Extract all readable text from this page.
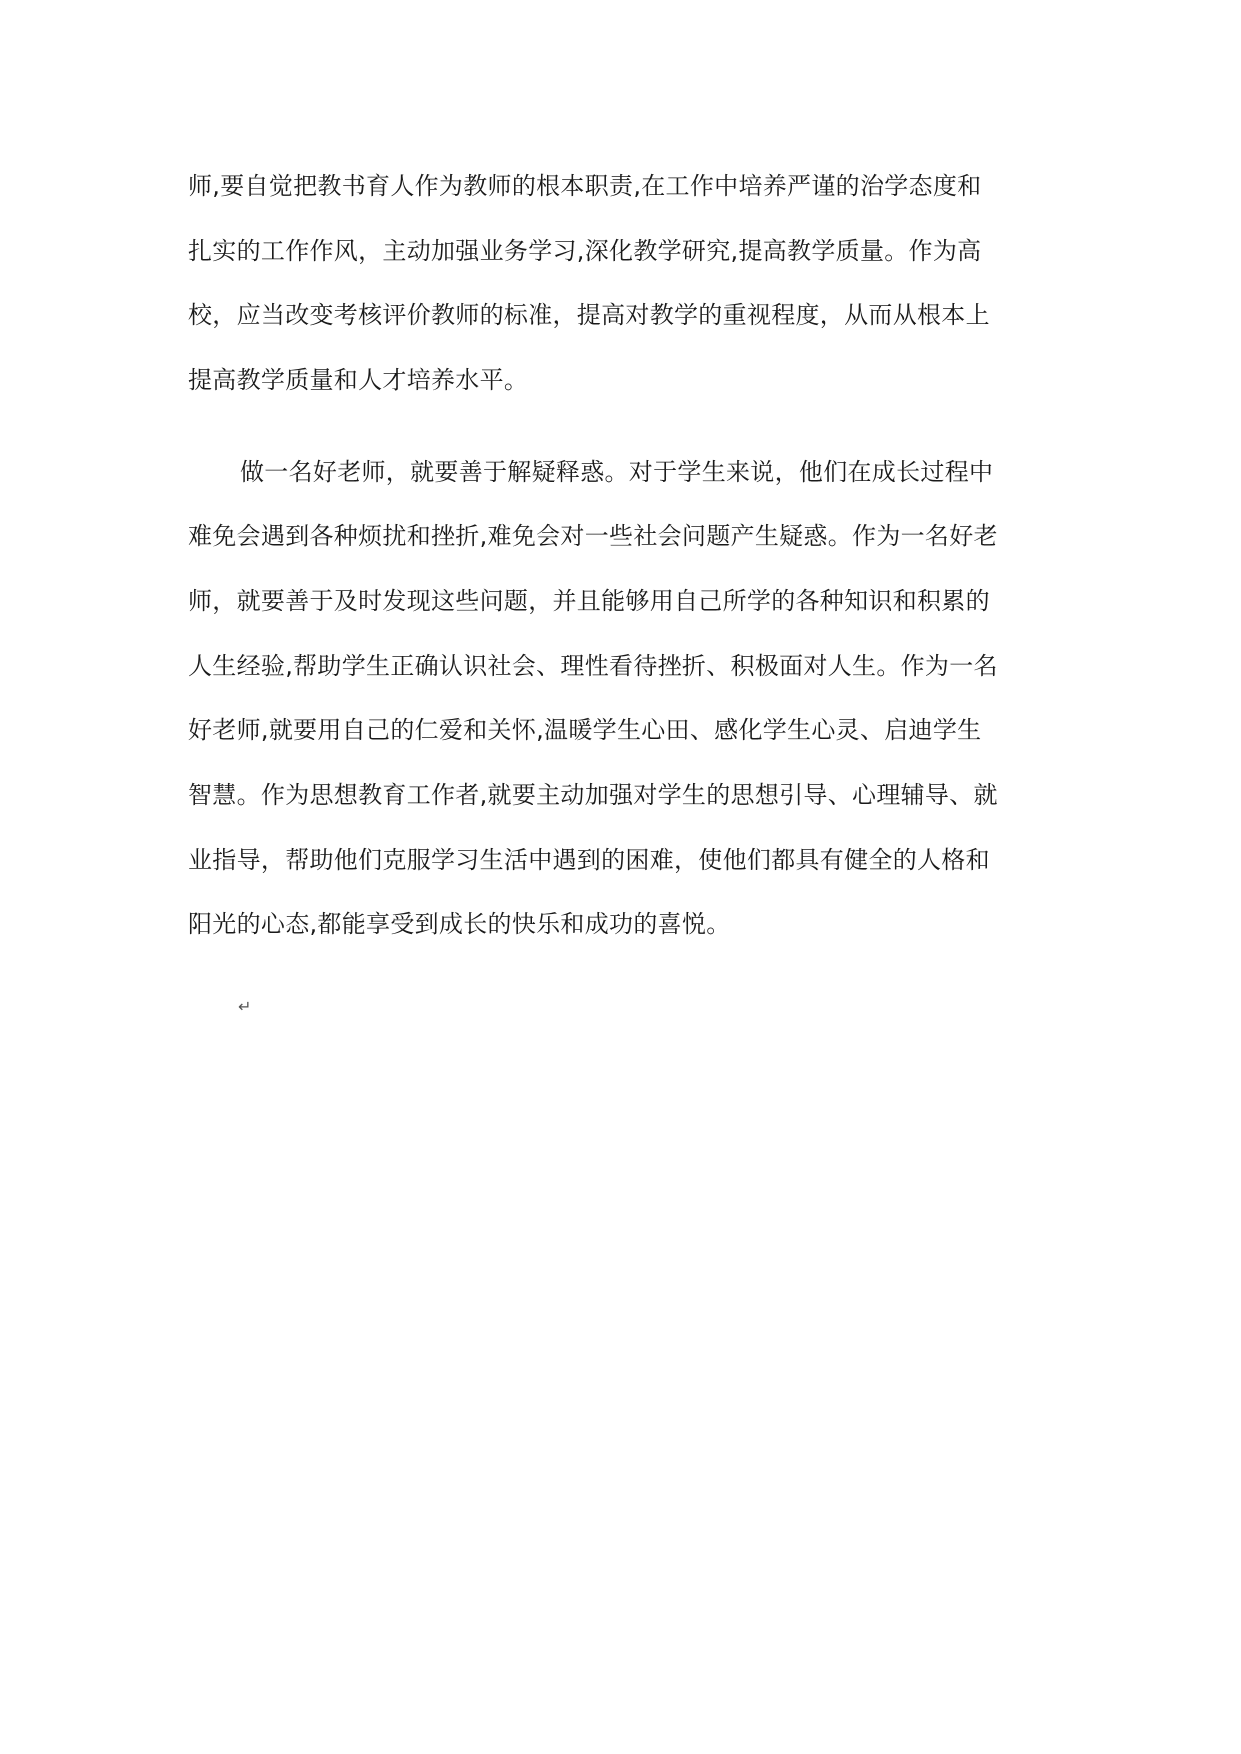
师,要自觉把教书育人作为教师的根本职责,在工作中培养严谨的治学态度和
扎实的工作作风，主动加强业务学习,深化教学研究,提高教学质量。作为高
校，应当改变考核评价教师的标准，提高对教学的重视程度，从而从根本上
提高教学质量和人才培养水平。
做一名好老师，就要善于解疑释惑。对于学生来说，他们在成长过程中
难免会遇到各种烦扰和挫折,难免会对一些社会问题产生疑惑。作为一名好老
师，就要善于及时发现这些问题，并且能够用自己所学的各种知识和积累的
人生经验,帮助学生正确认识社会、理性看待挫折、积极面对人生。作为一名
好老师,就要用自己的仁爱和关怀,温暖学生心田、感化学生心灵、启迪学生
智慧。作为思想教育工作者,就要主动加强对学生的思想引导、心理辅导、就
业指导，帮助他们克服学习生活中遇到的困难，使他们都具有健全的人格和
阳光的心态,都能享受到成长的快乐和成功的喜悦。
↵
